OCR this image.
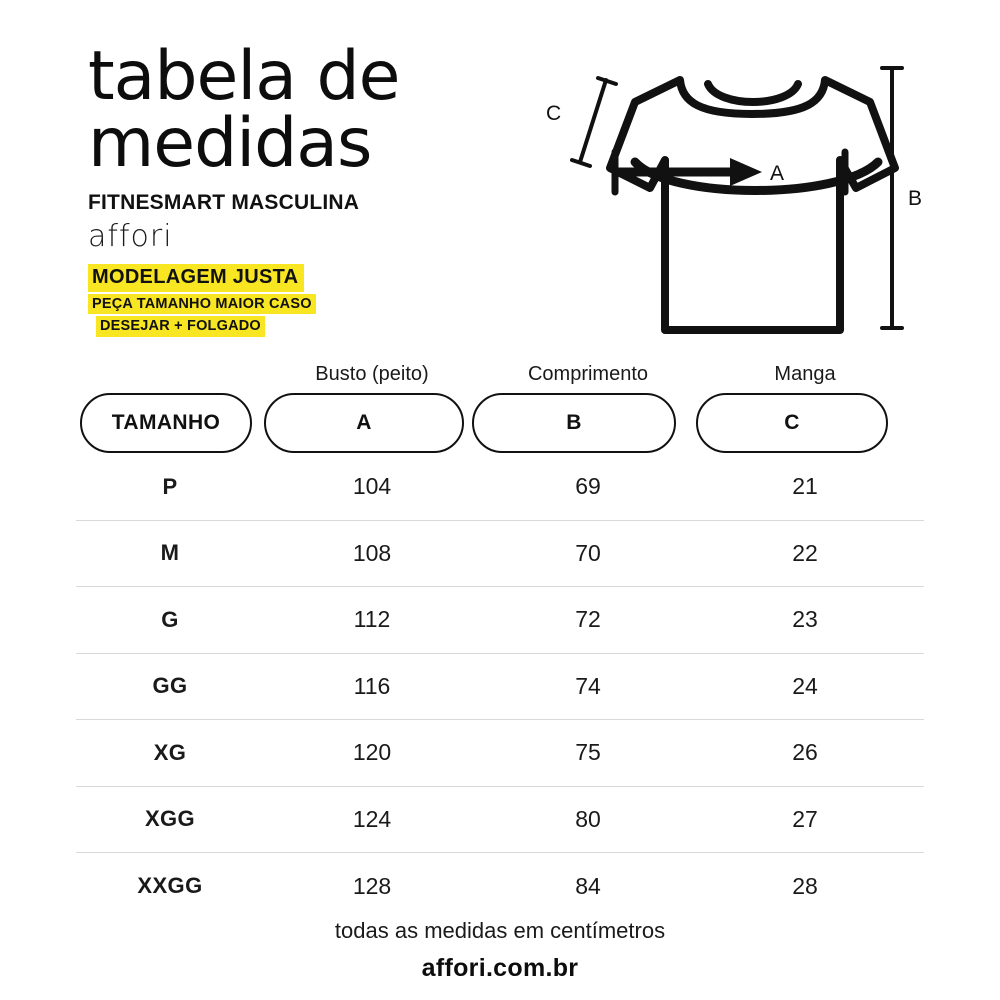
tabela de
medidas
FITNESMART MASCULINA
affori
MODELAGEM JUSTA
PEÇA TAMANHO MAIOR CASO
DESEJAR + FOLGADO
A
B
C
Busto (peito)	Comprimento	Manga
TAMANHO	A	B	C
P	104	69	21
M	108	70	22
G	112	72	23
GG	116	74	24
XG	120	75	26
XGG	124	80	27
XXGG	128	84	28
todas as medidas em centímetros
affori.com.br
